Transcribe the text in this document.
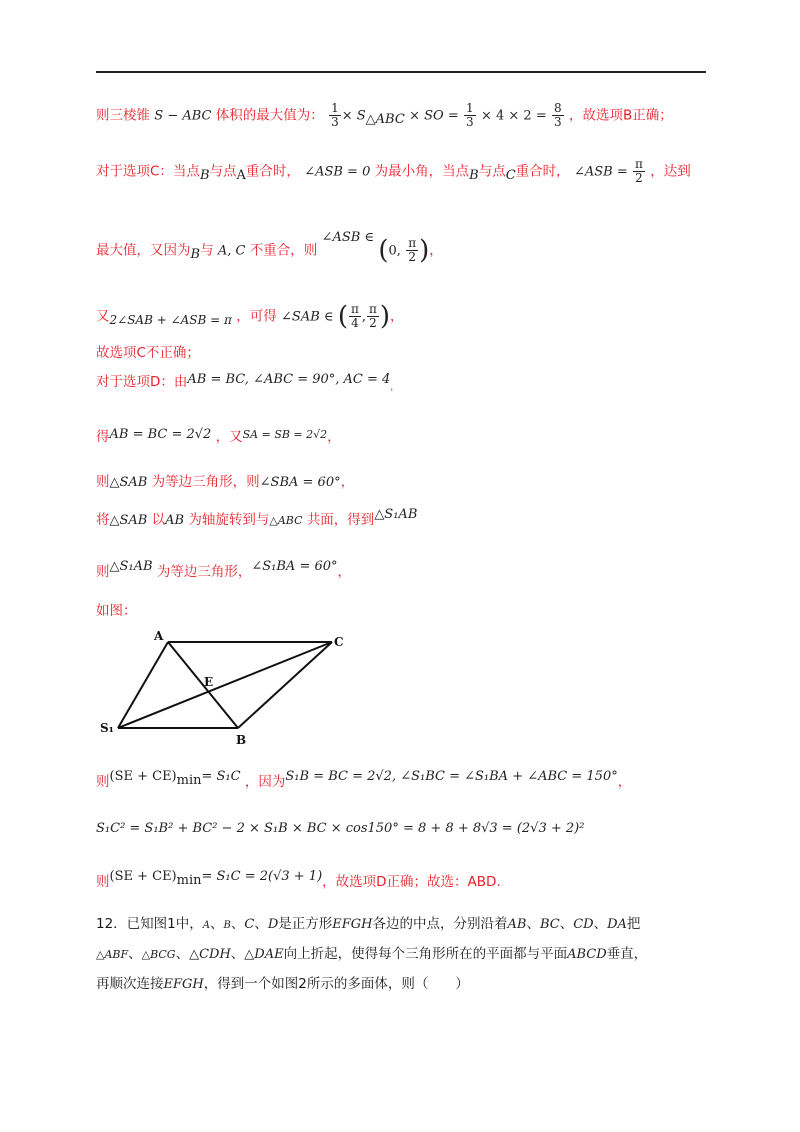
则三棱锥 S − ABC 体积的最大值为： $\frac{1}{3} \times S_{\triangle ABC}$ × SO = $\frac{1}{3} \times 4 \times 2 = \frac{8}{3}$ ，故选项B正确；
对于选项C：当点$_B$与点$_A$重合时， ∠ASB = 0 为最小角，当点$_B$与点$_C$重合时， ∠ASB = $\frac{\pi}{2}$ ，达到
最大值，又因为$_B$与 A, C 不重合，则 ∠ASB ∈ (0, $\frac{\pi}{2}$ )，
又$_{2\angle SAB + \angle ASB = \pi}$ ，可得 ∠SAB ∈ ( $\frac{\pi}{4}$ , $\frac{\pi}{2}$ )，
故选项C不正确；
对于选项D：由AB = BC, ∠ABC = 90°, AC = $4_,$
得AB = BC = 2√2 ，又$^{SA = SB = 2√2}$，
则△SAB 为等边三角形，则∠SBA = 60°，
将△SAB 以AB 为轴旋转到与△ABC 共面，得到△S₁AB
则△S₁AB 为等边三角形，∠S₁BA = 60°，
如图：
A	C
E
S₁
B
则$(SE + CE)_{min}= S_1C$ ，因为S₁B = BC = 2√2, ∠S₁BC = ∠S₁BA + ∠ABC = 150°，
S₁C² = S₁B² + BC² − 2 × S₁B × BC × cos150° = 8 + 8 + 8√3 = (2√3 + 2)²
则$(SE + CE)_{min}= S_1C = 2(√3 + 1)$，故选项D正确；故选：ABD.
12．已知图1中，A、B、C、D是正方形EFGH各边的中点，分别沿着AB、BC、CD、DA把
△ABF、△BCG、△CDH、△DAE向上折起，使得每个三角形所在的平面都与平面ABCD垂直，
再顺次连接EFGH，得到一个如图2所示的多面体，则（　　）
